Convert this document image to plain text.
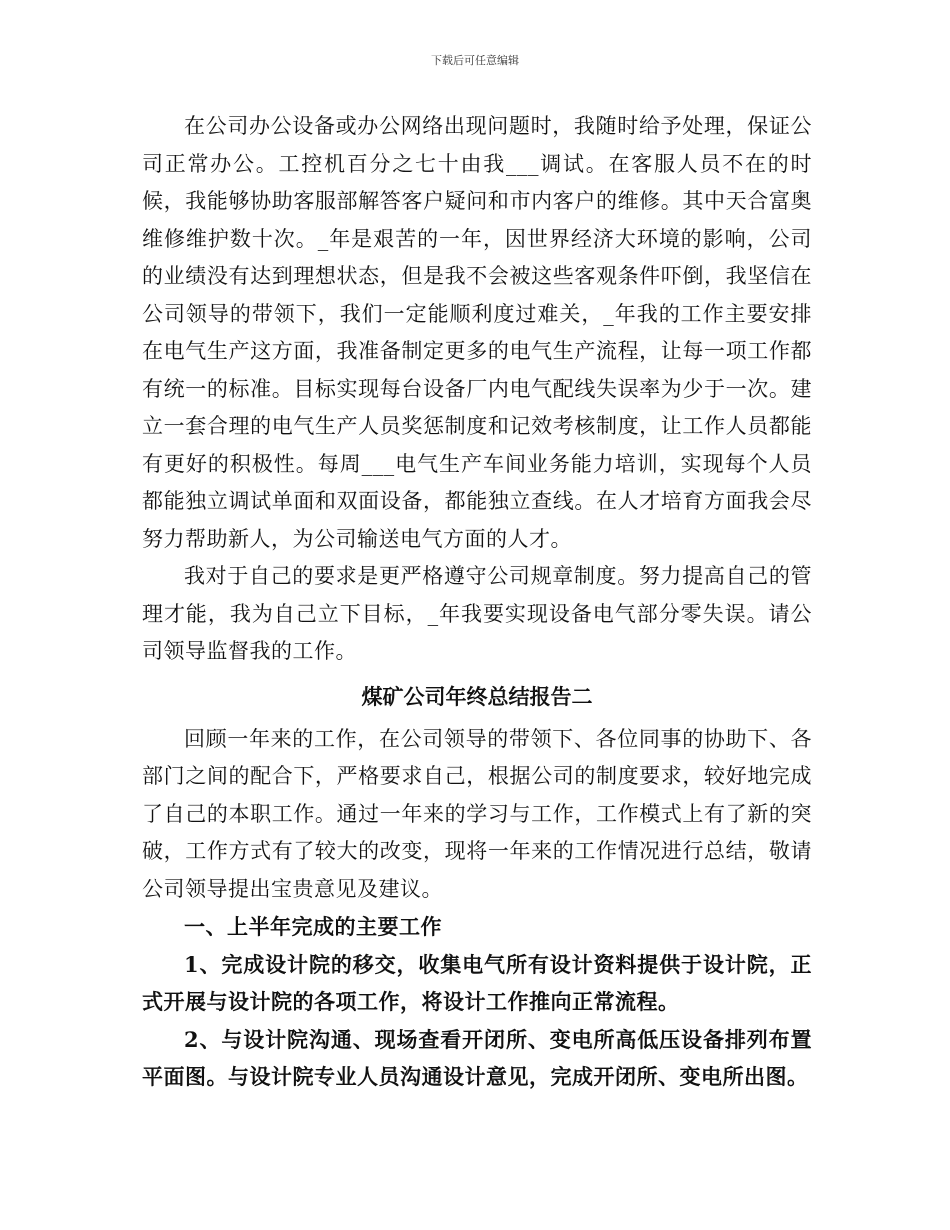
下载后可任意编辑

在公司办公设备或办公网络出现问题时，我随时给予处理，保证公司正常办公。工控机百分之七十由我___调试。在客服人员不在的时候，我能够协助客服部解答客户疑问和市内客户的维修。其中天合富奥维修维护数十次。_年是艰苦的一年，因世界经济大环境的影响，公司的业绩没有达到理想状态，但是我不会被这些客观条件吓倒，我坚信在公司领导的带领下，我们一定能顺利度过难关，_年我的工作主要安排在电气生产这方面，我准备制定更多的电气生产流程，让每一项工作都有统一的标准。目标实现每台设备厂内电气配线失误率为少于一次。建立一套合理的电气生产人员奖惩制度和记效考核制度，让工作人员都能有更好的积极性。每周___电气生产车间业务能力培训，实现每个人员都能独立调试单面和双面设备，都能独立查线。在人才培育方面我会尽努力帮助新人，为公司输送电气方面的人才。

我对于自己的要求是更严格遵守公司规章制度。努力提高自己的管理才能，我为自己立下目标，_年我要实现设备电气部分零失误。请公司领导监督我的工作。

煤矿公司年终总结报告二

回顾一年来的工作，在公司领导的带领下、各位同事的协助下、各部门之间的配合下，严格要求自己，根据公司的制度要求，较好地完成了自己的本职工作。通过一年来的学习与工作，工作模式上有了新的突破，工作方式有了较大的改变，现将一年来的工作情况进行总结，敬请公司领导提出宝贵意见及建议。

一、上半年完成的主要工作

1、完成设计院的移交，收集电气所有设计资料提供于设计院，正式开展与设计院的各项工作，将设计工作推向正常流程。

2、与设计院沟通、现场查看开闭所、变电所高低压设备排列布置平面图。与设计院专业人员沟通设计意见，完成开闭所、变电所出图。
